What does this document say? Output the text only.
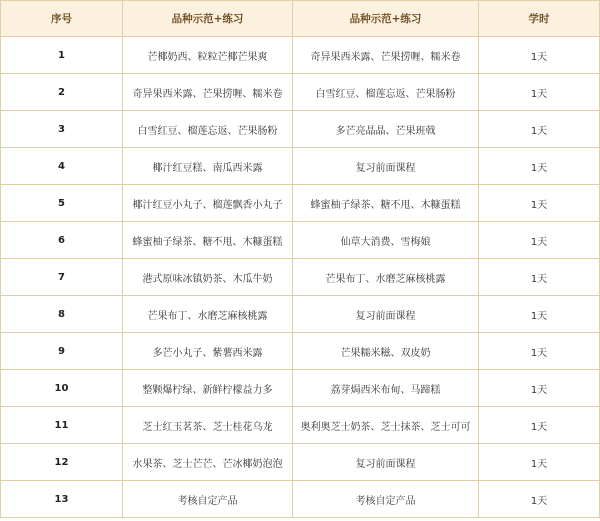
序号	品种示范+练习	品种示范+练习	学时
1	芒椰奶西、粒粒芒椰芒果爽	奇异果西米露、芒果捞喱、糯米卷	1天
2	奇异果西米露、芒果捞喱、糯米卷	白雪红豆、榴莲忘返、芒果肠粉	1天
3	白雪红豆、榴莲忘返、芒果肠粉	多芒亮晶晶、芒果班戟	1天
4	椰汁红豆糕、南瓜西米露	复习前面课程	1天
5	椰汁红豆小丸子、榴莲飘香小丸子	蜂蜜柚子绿茶、糖不甩、木糠蛋糕	1天
6	蜂蜜柚子绿茶、糖不甩、木糠蛋糕	仙草大消费、雪梅娘	1天
7	港式原味冰镇奶茶、木瓜牛奶	芒果布丁、水磨芝麻核桃露	1天
8	芒果布丁、水磨芝麻核桃露	复习前面课程	1天
9	多芒小丸子、紫薯西米露	芒果糯米糍、双皮奶	1天
10	整颗爆柠绿、新鲜柠檬益力多	荔芽焗西米布甸、马蹄糕	1天
11	芝士红玉茗茶、芝士桂花乌龙	奥利奥芝士奶茶、芝士抹茶、芝士可可	1天
12	水果茶、芝士芒芒、芒冰椰奶泡泡	复习前面课程	1天
13	考核自定产品	考核自定产品	1天
